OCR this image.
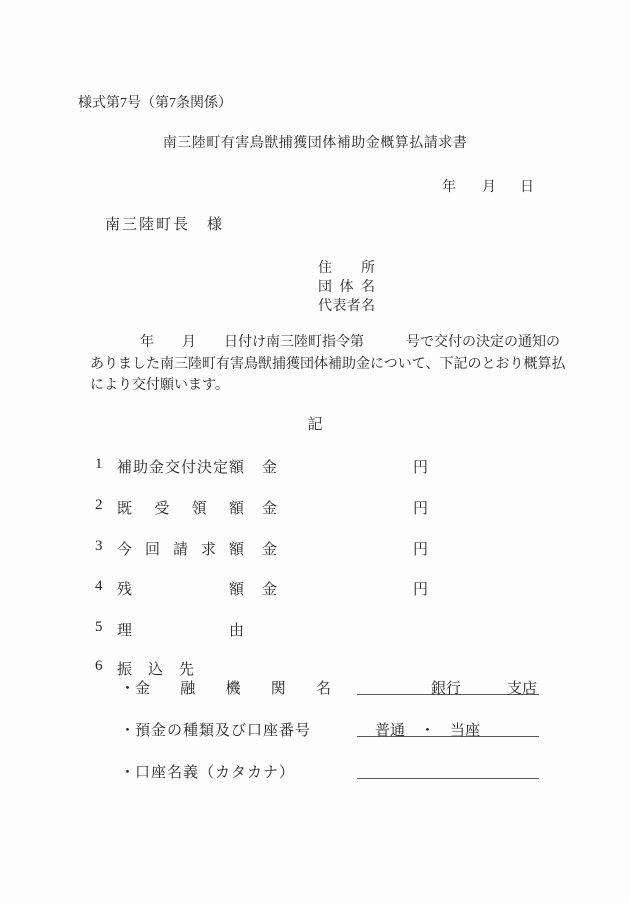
様式第7号（第7条関係）
南三陸町有害鳥獣捕獲団体補助金概算払請求書
年 月 日
南三陸町長　様
住所
団体名
代表者名
年　　月　　日付け南三陸町指令第　　　号で交付の決定の通知の
ありました南三陸町有害鳥獣捕獲団体補助金について、下記のとおり概算払
により交付願います。
記
1 補助金交付決定額 金	円
2 既受領額 金	円
3 今回請求額 金	円
4 残額 金	円
5 理由
6 振込先
・ 金融機関名	銀行	支店
・ 預金の種類及び口座番号	普通　・　当座
・ 口座名義（カタカナ）
